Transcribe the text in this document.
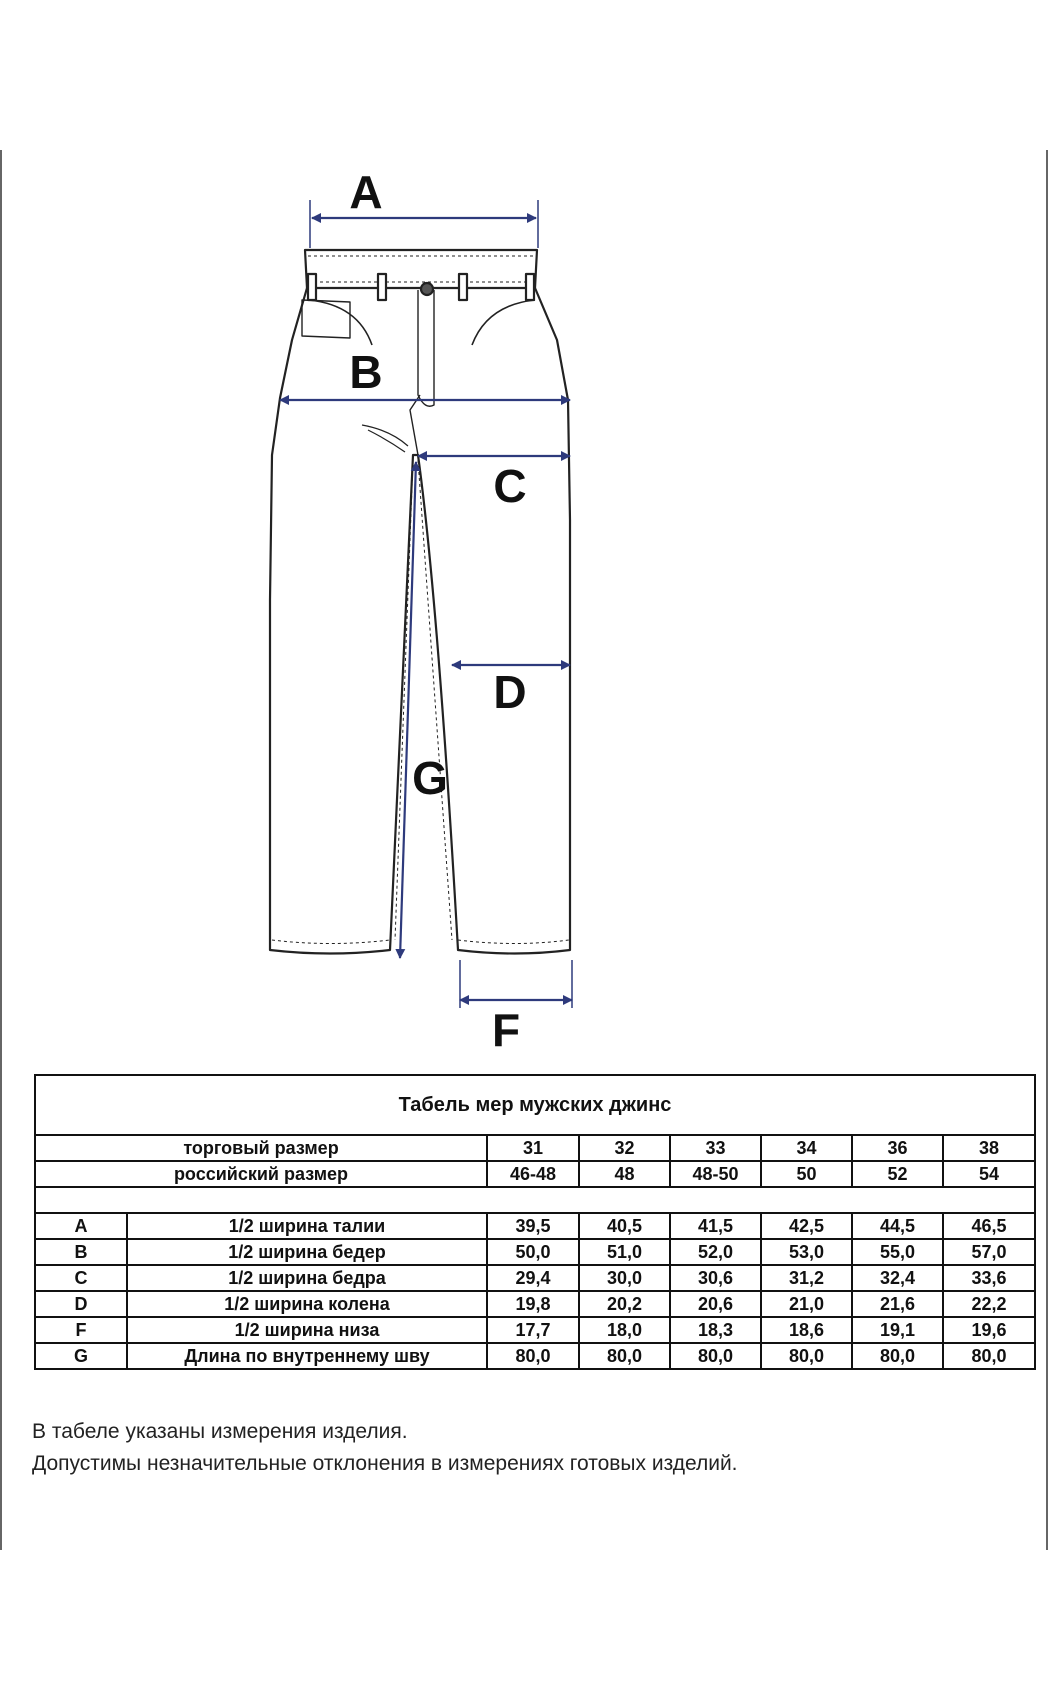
A
B
C
D
G
F
Табель мер мужских джинс							
торговый размер		31	32	33	34	36	38
российский размер		46-48	48	48-50	50	52	54

A	1/2 ширина талии	39,5	40,5	41,5	42,5	44,5	46,5
B	1/2 ширина бедер	50,0	51,0	52,0	53,0	55,0	57,0
C	1/2 ширина бедра	29,4	30,0	30,6	31,2	32,4	33,6
D	1/2 ширина колена	19,8	20,2	20,6	21,0	21,6	22,2
F	1/2 ширина низа	17,7	18,0	18,3	18,6	19,1	19,6
G	Длина по внутреннему шву	80,0	80,0	80,0	80,0	80,0	80,0

В табеле указаны измерения изделия.

Допустимы незначительные отклонения в измерениях готовых изделий.
